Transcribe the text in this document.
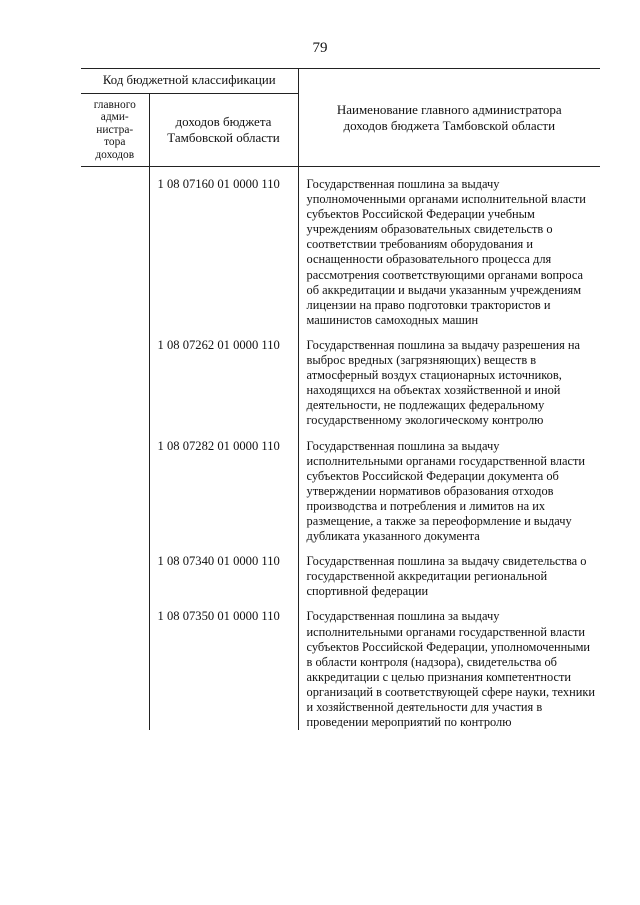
79
Код бюджетной классификации		Наименование главного администратора доходов бюджета Тамбовской области

главного адми-нистра-тора доходов	доходов бюджета Тамбовской области	

	1 08 07160 01 0000 110	Государственная пошлина за выдачу уполномоченными органами исполнительной власти субъектов Российской Федерации учебным учреждениям образовательных свидетельств о соответствии требованиям оборудования и оснащенности образовательного процесса для рассмотрения соответствующими органами вопроса об аккредитации и выдачи указанным учреждениям лицензии на право подготовки трактористов и машинистов самоходных машин
	1 08 07262 01 0000 110	Государственная пошлина за выдачу разрешения на выброс вредных (загрязняющих) веществ в атмосферный воздух стационарных источников, находящихся на объектах хозяйственной и иной деятельности, не подлежащих федеральному государственному экологическому контролю
	1 08 07282 01 0000 110	Государственная пошлина за выдачу исполнительными органами государственной власти субъектов Российской Федерации документа об утверждении нормативов образования отходов производства и потребления и лимитов на их размещение, а также за переоформление и выдачу дубликата указанного документа
	1 08 07340 01 0000 110	Государственная пошлина за выдачу свидетельства о государственной аккредитации региональной спортивной федерации
	1 08 07350 01 0000 110	Государственная пошлина за выдачу исполнительными органами государственной власти субъектов Российской Федерации, уполномоченными в области контроля (надзора), свидетельства об аккредитации с целью признания компетентности организаций в соответствующей сфере науки, техники и хозяйственной деятельности для участия в проведении мероприятий по контролю
